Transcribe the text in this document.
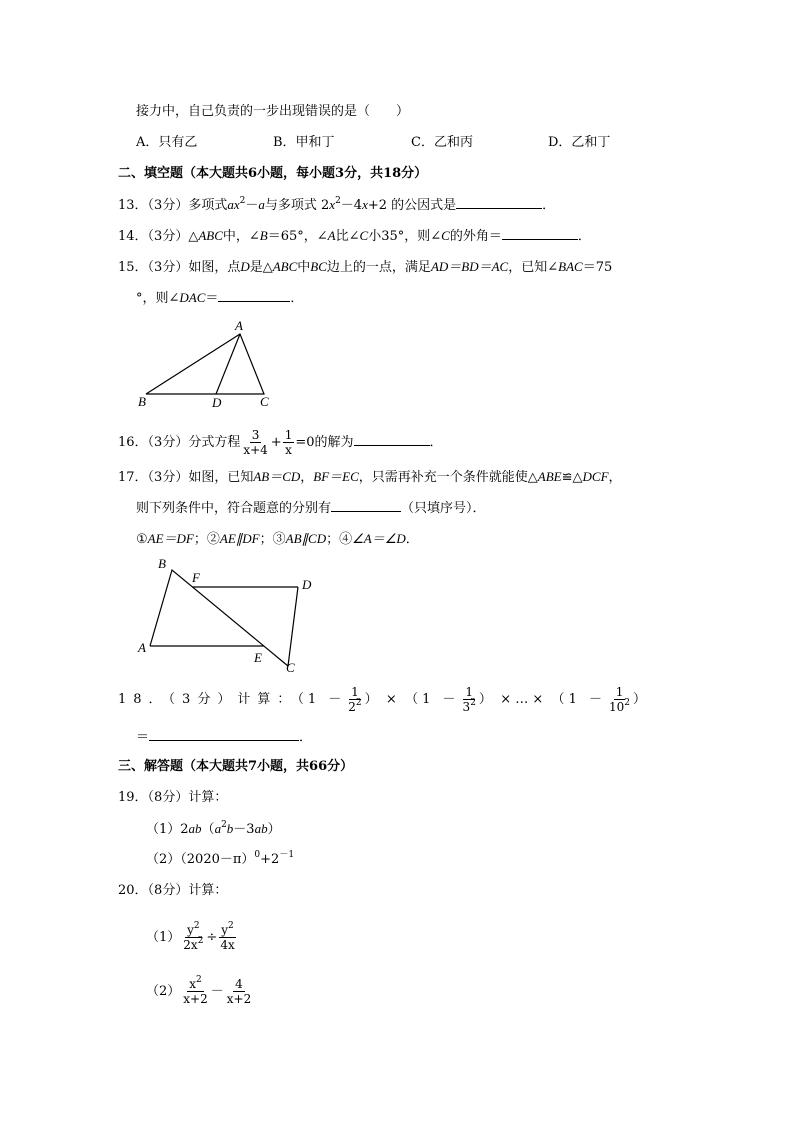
接力中，自己负责的一步出现错误的是（　　）
A．只有乙	B．甲和丁	C．乙和丙	D．乙和丁
二、填空题（本大题共6小题，每小题3分，共18分）
13．（3分）多项式$ax^2-a$与多项式 $2x^2-4x+2$ 的公因式是	．
14．（3分）△ABC中，∠B＝65°，∠A比∠C小35°，则∠C的外角＝	．
15．（3分）如图，点D是△ABC中BC边上的一点，满足AD＝BD＝AC，已知∠BAC＝75
°，则∠DAC＝	．
A
B	C
D
16．（3分）分式方程 $\frac{3}{x+4} + \frac{1}{x} =0$的解为	．
17．（3分）如图，已知AB＝CD，BF＝EC，只需再补充一个条件就能使△ABE≌△DCF，
则下列条件中，符合题意的分别有	（只填序号）．
①AE＝DF；②AE∥DF；③AB∥CD；④∠A＝∠D．
B
F	D
A
E
C
18．（3分）计算：（$1 - \frac{1}{2^2}$ ）  × （$1 - \frac{1}{3^2}$ ）  × … × （$1 - \frac{1}{10^2}$ ）
＝	．
三、解答题（本大题共7小题，共66分）
19．（8分）计算：
$(1)2ab(a^2b-3ab)$
$(2)(2020-\pi)^0+2^{-1}$
20．（8分）计算：
$(1) \frac{y^2}{2x^2} \div \frac{y^2}{4x}$
$(2) \frac{x^2}{x+2} - \frac{4}{x+2}$
